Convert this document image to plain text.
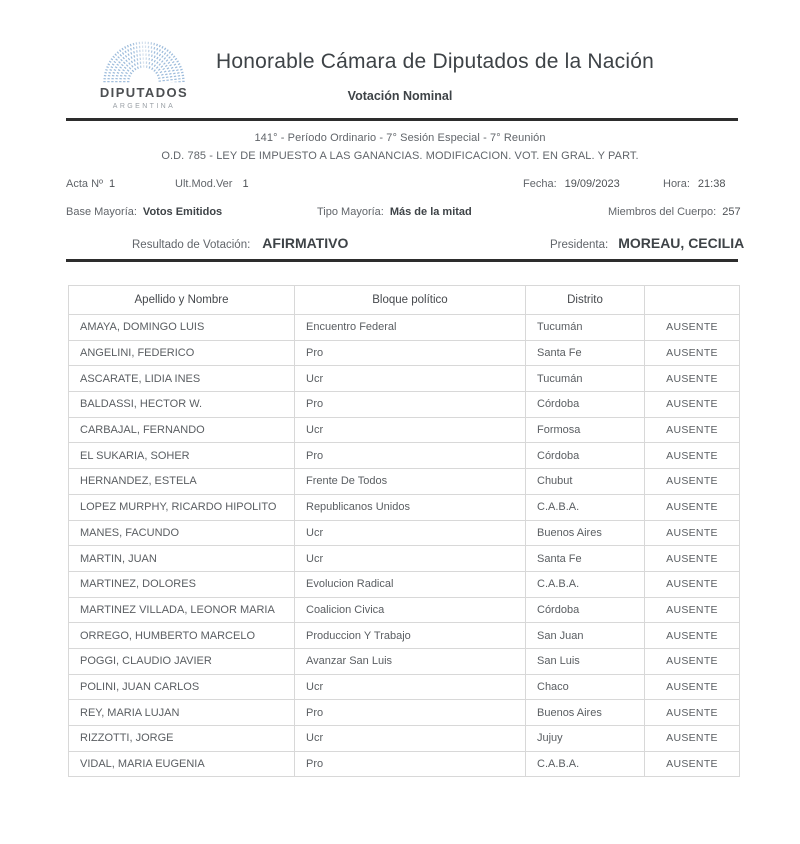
DIPUTADOS
ARGENTINA
Honorable Cámara de Diputados de la Nación
Votación Nominal
141° - Período Ordinario - 7° Sesión Especial - 7° Reunión
O.D. 785 - LEY DE IMPUESTO A LAS GANANCIAS. MODIFICACION. VOT. EN GRAL. Y PART.
Acta Nº 1	Ult.Mod.Ver 1	Fecha: 19/09/2023	Hora: 21:38
Base Mayoría: Votos Emitidos	Tipo Mayoría: Más de la mitad	Miembros del Cuerpo: 257
Resultado de Votación: AFIRMATIVO	Presidenta: MOREAU, CECILIA
Apellido y Nombre	Bloque político	Distrito	
AMAYA, DOMINGO LUIS	Encuentro Federal	Tucumán	AUSENTE
ANGELINI, FEDERICO	Pro	Santa Fe	AUSENTE
ASCARATE, LIDIA INES	Ucr	Tucumán	AUSENTE
BALDASSI, HECTOR W.	Pro	Córdoba	AUSENTE
CARBAJAL, FERNANDO	Ucr	Formosa	AUSENTE
EL SUKARIA, SOHER	Pro	Córdoba	AUSENTE
HERNANDEZ, ESTELA	Frente De Todos	Chubut	AUSENTE
LOPEZ MURPHY, RICARDO HIPOLITO	Republicanos Unidos	C.A.B.A.	AUSENTE
MANES, FACUNDO	Ucr	Buenos Aires	AUSENTE
MARTIN, JUAN	Ucr	Santa Fe	AUSENTE
MARTINEZ, DOLORES	Evolucion Radical	C.A.B.A.	AUSENTE
MARTINEZ VILLADA, LEONOR MARIA	Coalicion Civica	Córdoba	AUSENTE
ORREGO, HUMBERTO MARCELO	Produccion Y Trabajo	San Juan	AUSENTE
POGGI, CLAUDIO JAVIER	Avanzar San Luis	San Luis	AUSENTE
POLINI, JUAN CARLOS	Ucr	Chaco	AUSENTE
REY, MARIA LUJAN	Pro	Buenos Aires	AUSENTE
RIZZOTTI, JORGE	Ucr	Jujuy	AUSENTE
VIDAL, MARIA EUGENIA	Pro	C.A.B.A.	AUSENTE
